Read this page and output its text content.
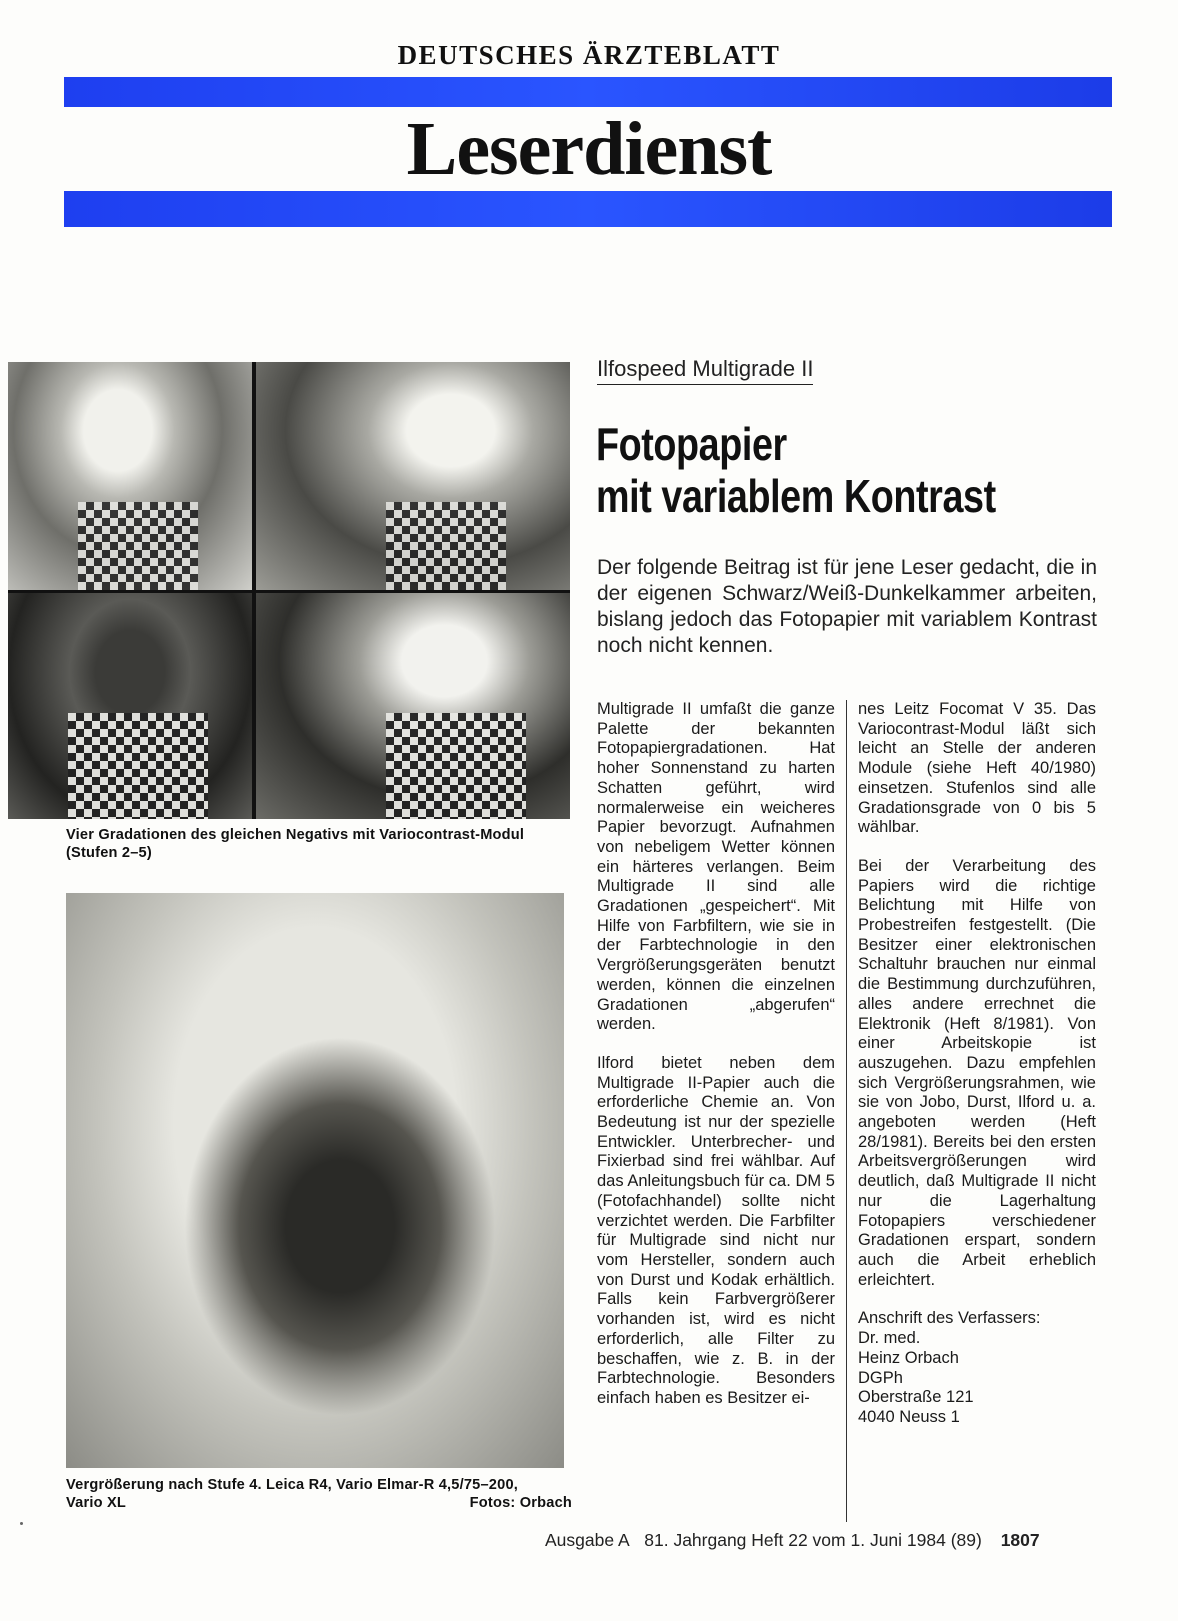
DEUTSCHES ÄRZTEBLATT
Leserdienst
Vier Gradationen des gleichen Negativs mit Variocontrast-Modul (Stufen 2–5)
Vergrößerung nach Stufe 4. Leica R4, Vario Elmar-R 4,5/75–200,
Vario XL	Fotos: Orbach
Ilfospeed Multigrade II
Fotopapier
mit variablem Kontrast
Der folgende Beitrag ist für jene Leser gedacht, die in der eigenen Schwarz/Weiß-Dunkelkammer arbeiten, bislang jedoch das Fotopapier mit variablem Kontrast noch nicht kennen.

Multigrade II umfaßt die ganze Palette der bekannten Fotopapiergradationen. Hat hoher Sonnenstand zu harten Schatten geführt, wird normalerweise ein weicheres Papier bevorzugt. Aufnahmen von nebeligem Wetter können ein härteres verlangen. Beim Multigrade II sind alle Gradationen „gespeichert“. Mit Hilfe von Farbfiltern, wie sie in der Farbtechnologie in den Vergrößerungsgeräten benutzt werden, können die einzelnen Gradationen „abgerufen“ werden.

Ilford bietet neben dem Multigrade II-Papier auch die erforderliche Chemie an. Von Bedeutung ist nur der spezielle Entwickler. Unterbrecher- und Fixierbad sind frei wählbar. Auf das Anleitungsbuch für ca. DM 5 (Fotofachhandel) sollte nicht verzichtet werden. Die Farbfilter für Multigrade sind nicht nur vom Hersteller, sondern auch von Durst und Kodak erhältlich. Falls kein Farbvergrößerer vorhanden ist, wird es nicht erforderlich, alle Filter zu beschaffen, wie z. B. in der Farbtechnologie. Besonders einfach haben es Besitzer ei-

nes Leitz Focomat V 35. Das Variocontrast-Modul läßt sich leicht an Stelle der anderen Module (siehe Heft 40/1980) einsetzen. Stufenlos sind alle Gradationsgrade von 0 bis 5 wählbar.

Bei der Verarbeitung des Papiers wird die richtige Belichtung mit Hilfe von Probestreifen festgestellt. (Die Besitzer einer elektronischen Schaltuhr brauchen nur einmal die Bestimmung durchzuführen, alles andere errechnet die Elektronik (Heft 8/1981). Von einer Arbeitskopie ist auszugehen. Dazu empfehlen sich Vergrößerungsrahmen, wie sie von Jobo, Durst, Ilford u. a. angeboten werden (Heft 28/1981). Bereits bei den ersten Arbeitsvergrößerungen wird deutlich, daß Multigrade II nicht nur die Lagerhaltung Fotopapiers verschiedener Gradationen erspart, sondern auch die Arbeit erheblich erleichtert.

Anschrift des Verfassers:
Dr. med.
Heinz Orbach
DGPh
Oberstraße 121
4040 Neuss 1
Ausgabe A 81. Jahrgang Heft 22 vom 1. Juni 1984 (89) 1807
